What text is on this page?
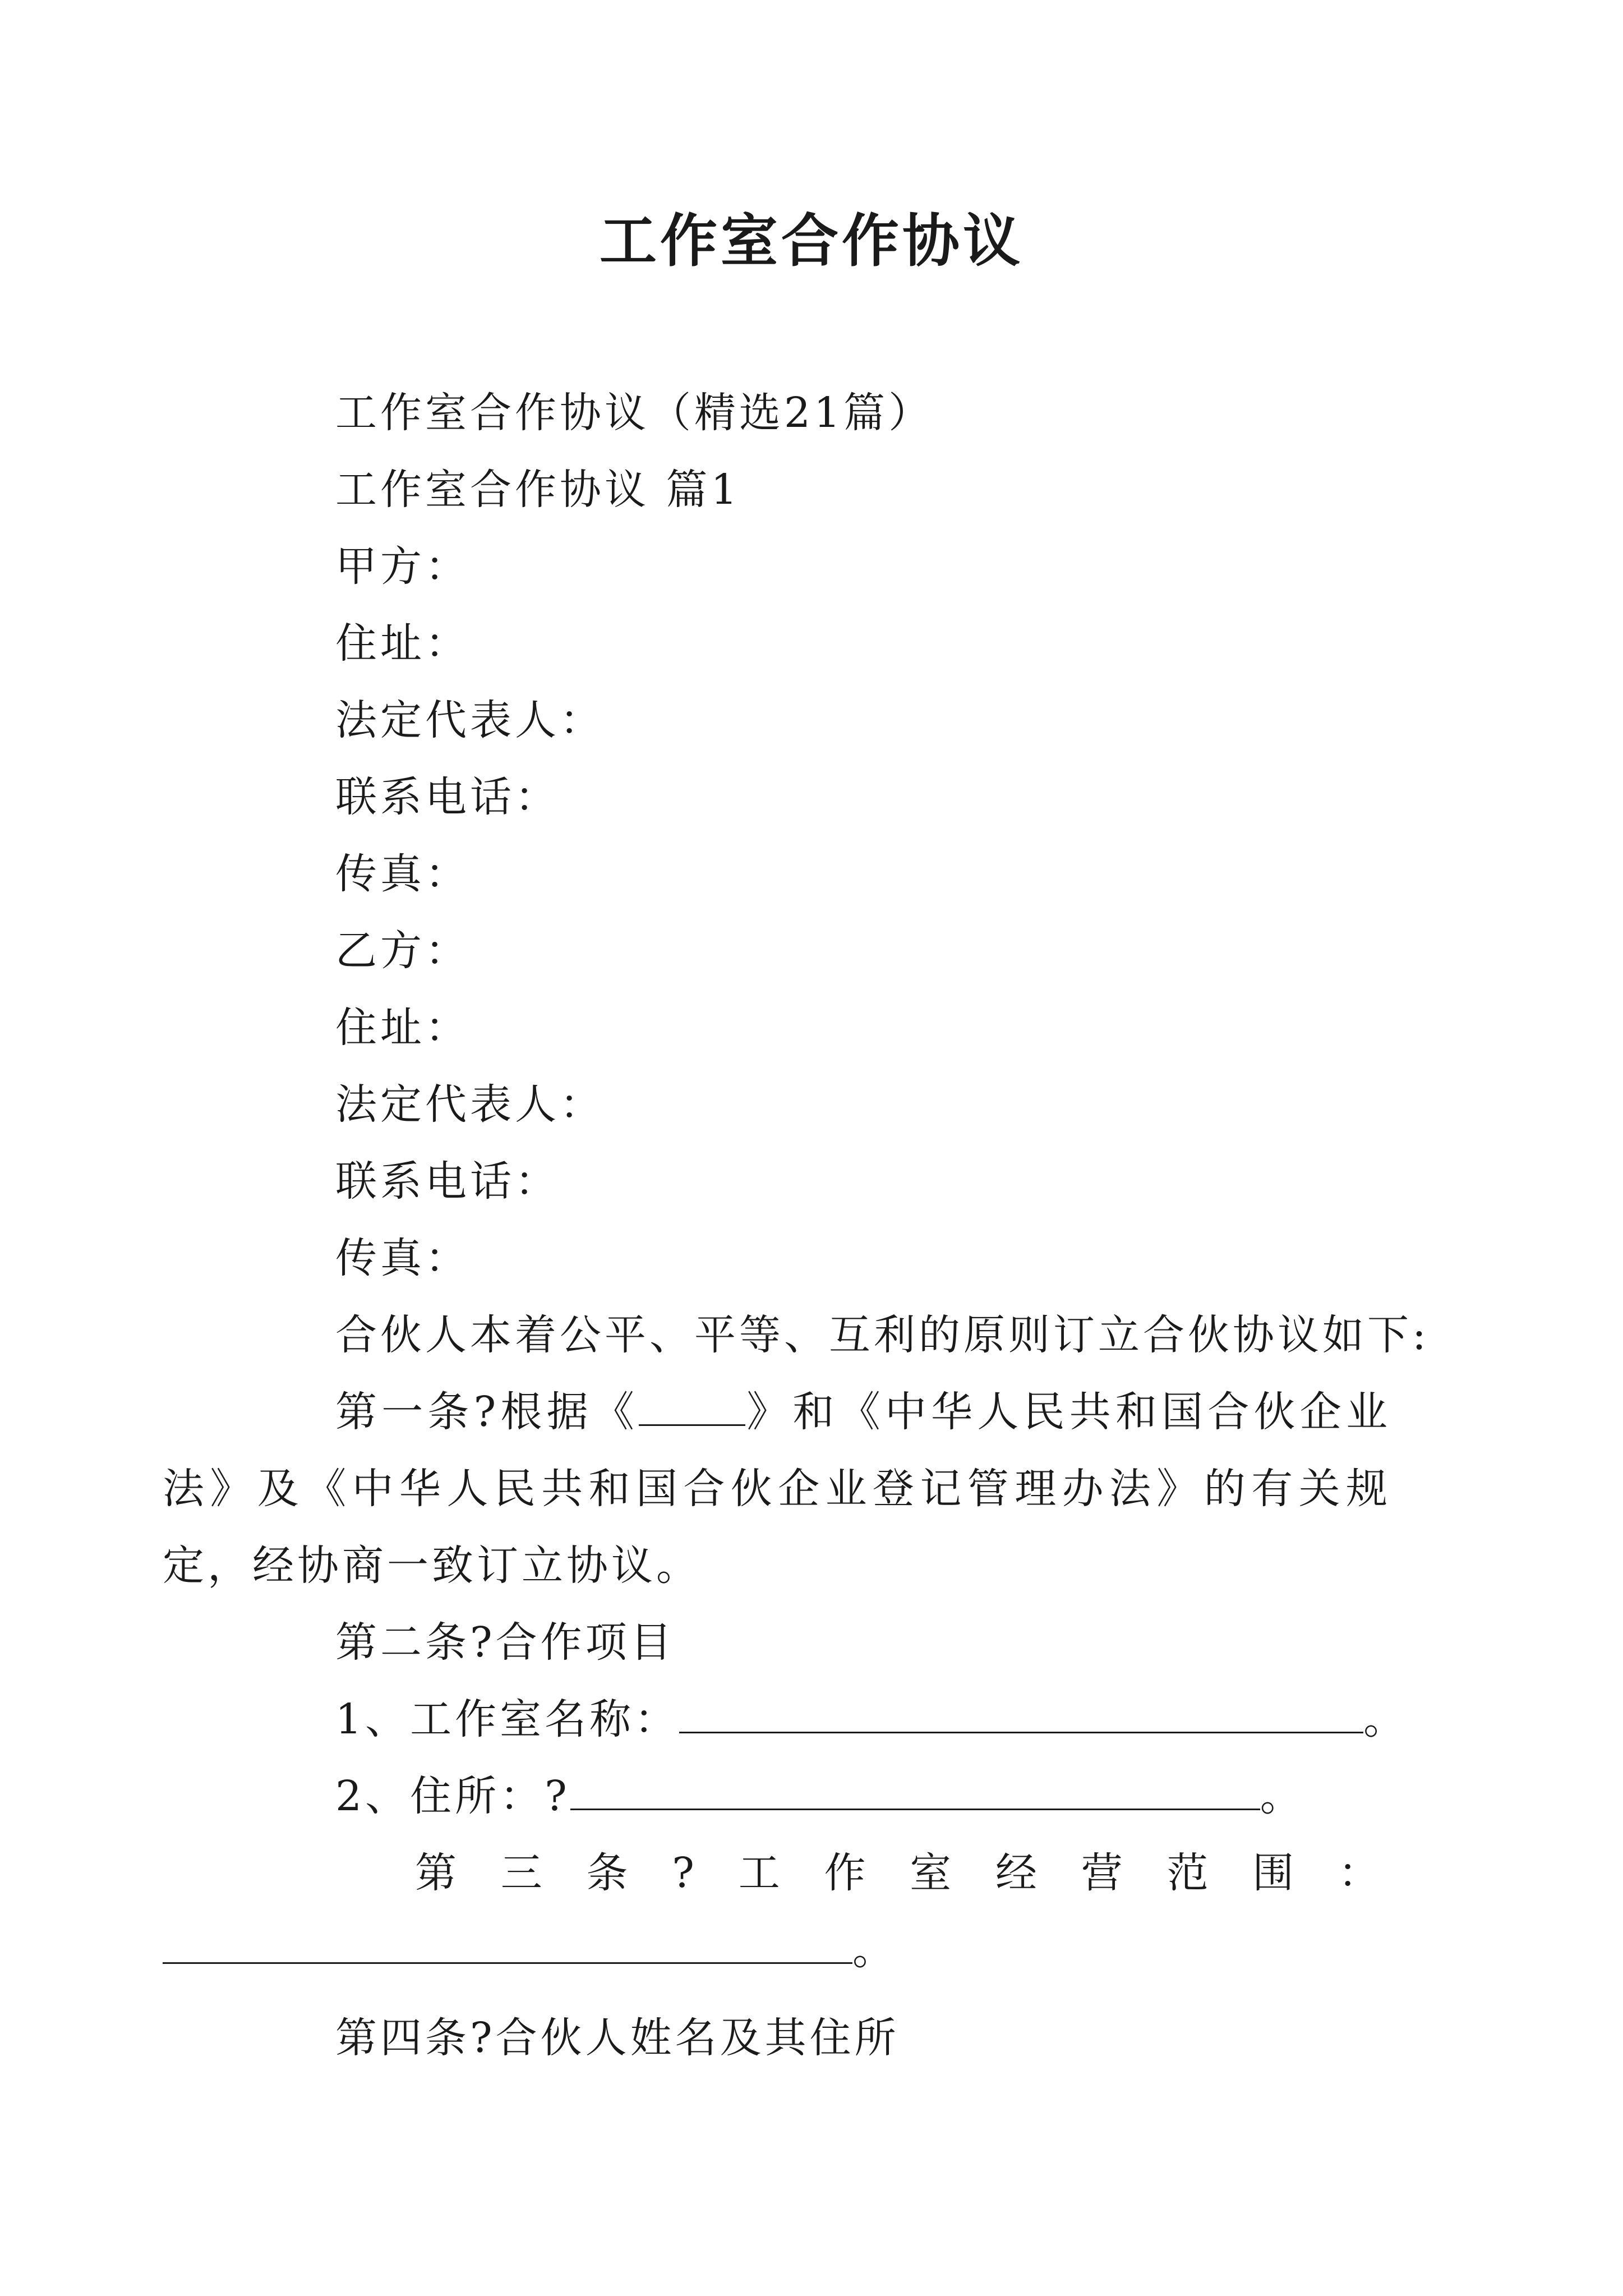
工作室合作协议

工作室合作协议（精选21篇）

工作室合作协议 篇1

甲方：

住址：

法定代表人：

联系电话：

传真：

乙方：

住址：

法定代表人：

联系电话：

传真：

合伙人本着公平、平等、互利的原则订立合伙协议如下:

第一条?根据《	》和《中华人民共和国合伙企业法》及《中华人民共和国合伙企业登记管理办法》的有关规定，经协商一致订立协议。

第二条?合作项目

1、工作室名称：	。

2、住所：?	。

第三条?工作室经营范围：

。

第四条?合伙人姓名及其住所
